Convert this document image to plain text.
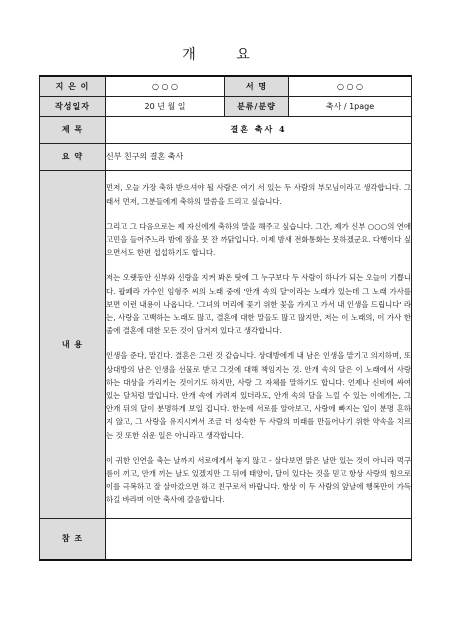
개 요
지 은 이	○ ○ ○	서 명	○ ○ ○
작성일자	20 년 월 일	분류/분량	축사 / 1page
제 목	결혼 축사 4		
요 약	신부 친구의 결혼 축사		
내 용	먼저, 오늘 가장 축하 받으셔야 될 사람은 여기 서 있는 두 사람의 부모님이라고 생각합니다. 그래서 먼저, 그분들에게 축하의 말씀을 드리고 싶습니다.

그리고 그 다음으로는 제 자신에게 축하의 말을 해주고 싶습니다. 그간, 제가 신부 ○○○의 연애 고민을 들어주느라 밤에 잠을 못 잔 까닭입니다. 이제 밤새 전화통화는 못하겠군요. 다행이다 싶으면서도 한편 섭섭하기도 합니다.

저는 오랫동안 신부와 신랑을 지켜 봐온 탓에 그 누구보다 두 사람이 하나가 되는 오늘이 기쁩니다. 팝페라 가수인 임형주 씨의 노래 중에 '안개 속의 달'이라는 노래가 있는데 그 노래 가사를 보면 이런 내용이 나옵니다. '그녀의 머리에 꽃기 위한 꽃을 가지고 가서 내 인생을 드립니다' 라는, 사랑을 고백하는 노래도 많고, 결혼에 대한 말들도 많고 많지만, 저는 이 노래의, 이 가사 한 줄에 결혼에 대한 모든 것이 담겨져 있다고 생각합니다.

인생을 준다, 맡긴다. 결혼은 그런 것 같습니다. 상대방에게 내 남은 인생을 맡기고 의지하며, 또 상대방의 남은 인생을 선물로 받고 그것에 대해 책임지는 것. 안개 속의 달은 이 노래에서 사랑하는 대상을 가리키는 것이기도 하지만, 사랑 그 자체를 말하기도 합니다. 언제나 신비에 싸여 있는 달처럼 말입니다. 안개 속에 가려져 있더라도, 안개 속의 달을 느낄 수 있는 이에게는, 그 안개 뒤의 달이 분명하게 보일 겁니다. 한눈에 서로를 알아보고, 사랑에 빠지는 일이 분명 흔하지 않고, 그 사랑을 유지시켜서 조금 더 성숙한 두 사람의 미래를 만들어나기 위한 약속을 치르는 것 또한 쉬운 일은 아니라고 생각합니다.

이 귀한 인연을 축는 날까지 서로에게서 놓지 않고 - 살다보면 맑은 날만 있는 것이 아니라 먹구름이 끼고, 안개 끼는 날도 있겠지만 그 뒤에 태양이, 달이 있다는 것을 믿고 항상 사랑의 힘으로 이를 극복하고 잘 살아갔으면 하고 친구로서 바랍니다. 항상 이 두 사람의 앞날에 행복만이 가득하길 바라며 이만 축사에 갈음합니다.		

참 조			
